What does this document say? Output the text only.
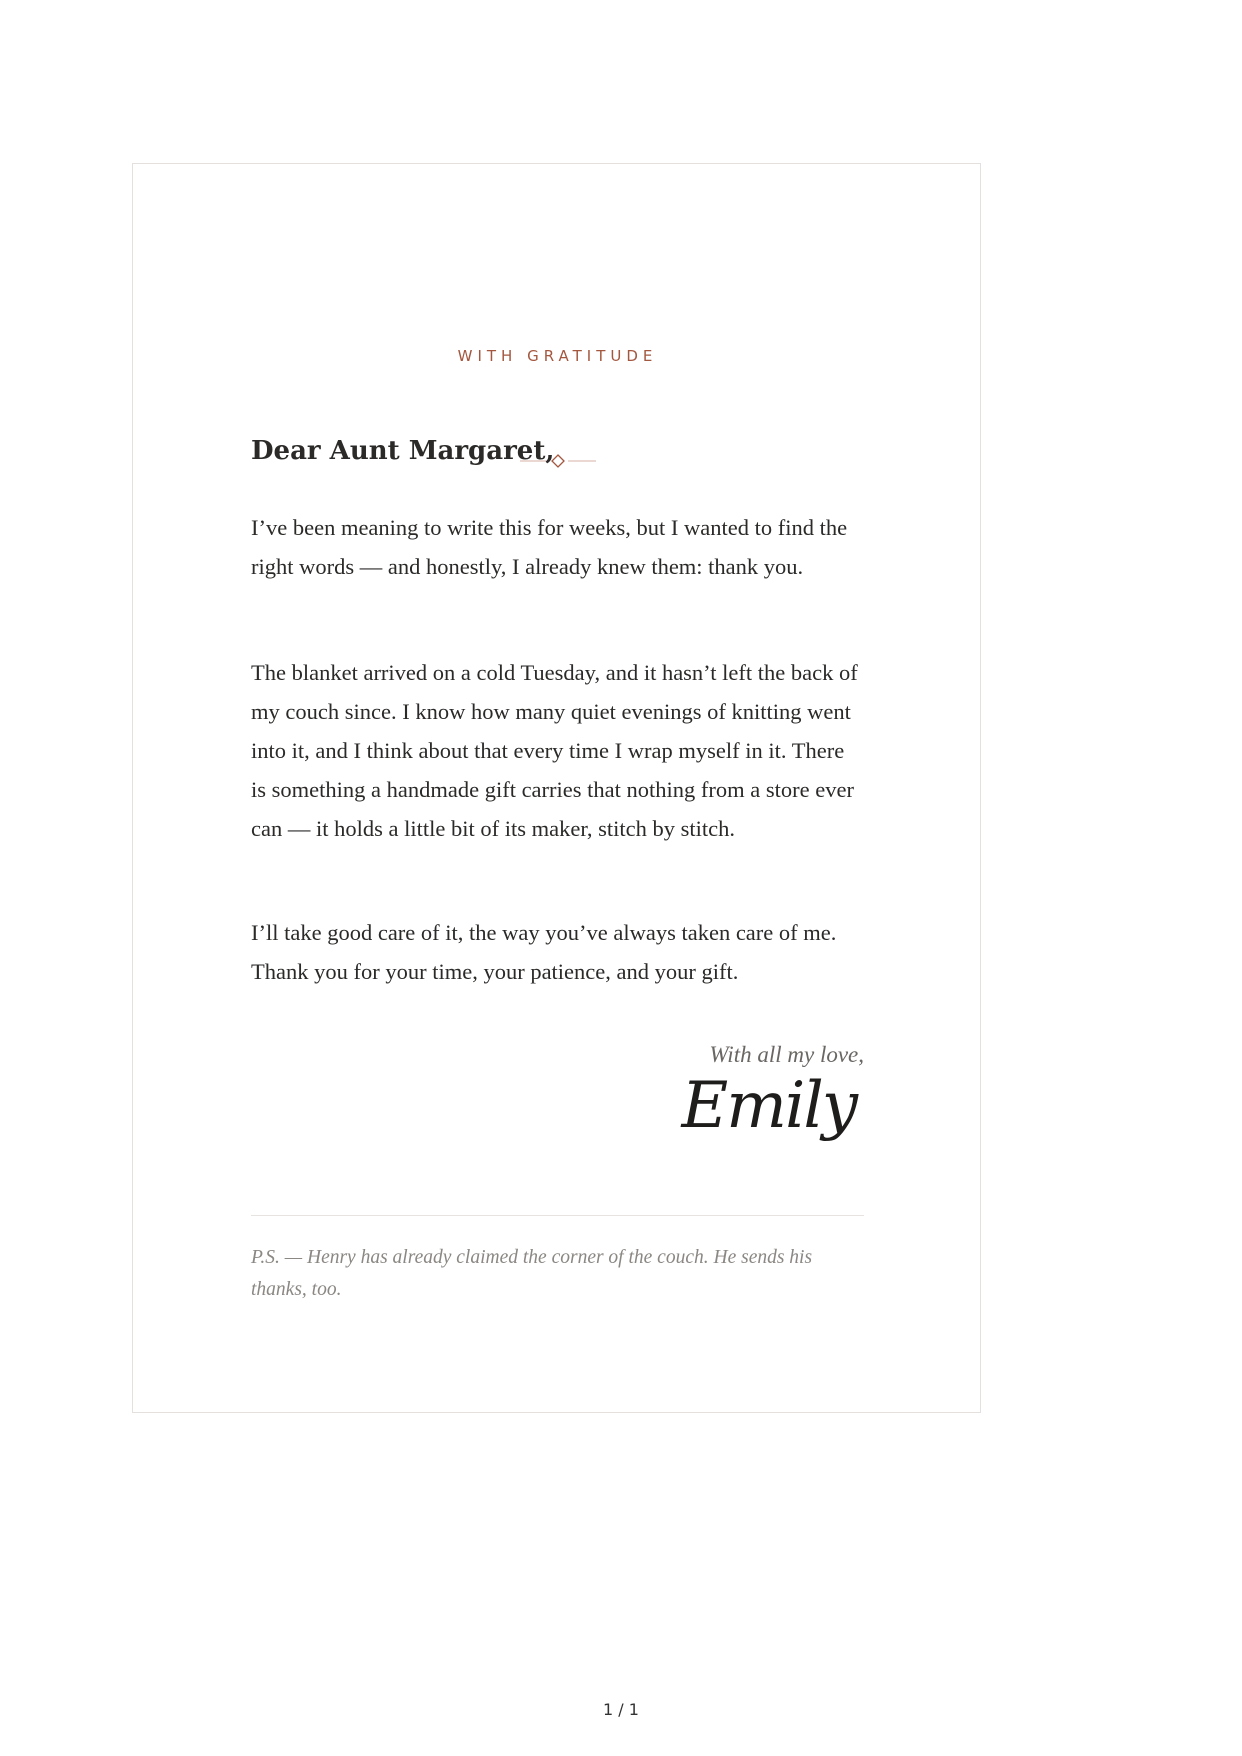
WITH GRATITUDE

Dear Aunt Margaret,

I’ve been meaning to write this for weeks, but I wanted to find the right words — and honestly, I already knew them: thank you.

The blanket arrived on a cold Tuesday, and it hasn’t left the back of my couch since. I know how many quiet evenings of knitting went into it, and I think about that every time I wrap myself in it. There is something a handmade gift carries that nothing from a store ever can — it holds a little bit of its maker, stitch by stitch.

I’ll take good care of it, the way you’ve always taken care of me. Thank you for your time, your patience, and your gift.

With all my love,

Emily

P.S. — Henry has already claimed the corner of the couch. He sends his thanks, too.

1 / 1
